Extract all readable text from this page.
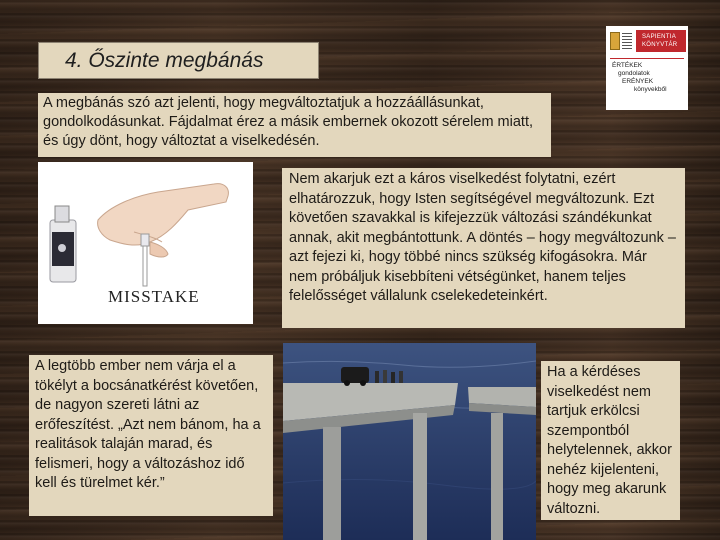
4. Őszinte megbánás
SAPIENTIA
KÖNYVTÁR
ÉRTÉKEK
gondolatok
ERÉNYEK
könyvekből
A megbánás szó azt jelenti, hogy megváltoztatjuk a hozzáállásunkat, gondolkodásunkat. Fájdalmat érez a másik embernek okozott sérelem miatt, és úgy dönt, hogy változtat a viselkedésén.
MISSTAKE
Nem akarjuk ezt a káros viselkedést folytatni, ezért elhatározzuk, hogy Isten segítségével megváltozunk. Ezt követően szavakkal is kifejezzük változási szándékunkat annak, akit megbántottunk. A döntés – hogy megváltozunk – azt fejezi ki, hogy többé nincs szükség kifogásokra. Már nem próbáljuk kisebbíteni vétségünket, hanem teljes felelősséget vállalunk cselekedeteinkért.
A legtöbb ember nem várja el a tökélyt a bocsánatkérést követően, de nagyon szereti látni az erőfeszítést. „Azt nem bánom, ha a realitások talaján marad, és felismeri, hogy a változáshoz idő kell és türelmet kér.”
Ha a kérdéses viselkedést nem tartjuk erkölcsi szempontból helytelennek, akkor nehéz kijelenteni, hogy meg akarunk változni.
